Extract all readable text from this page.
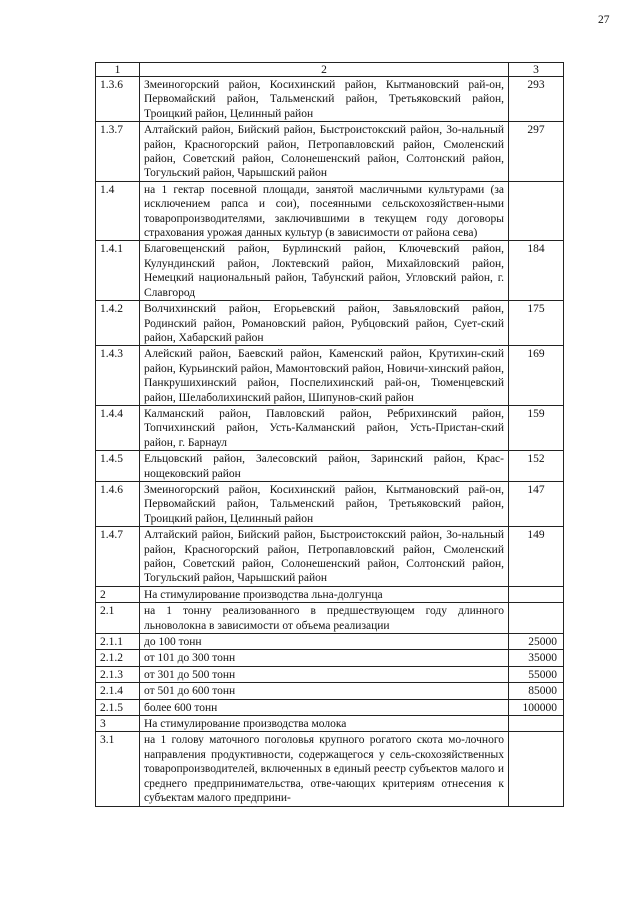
27
1	2	3
1.3.6	Змеиногорский район, Косихинский район, Кытмановский рай-он, Первомайский район, Тальменский район, Третьяковский район, Троицкий район, Целинный район	293
1.3.7	Алтайский район, Бийский район, Быстроистокский район, Зо-нальный район, Красногорский район, Петропавловский район, Смоленский район, Советский район, Солонешенский район, Солтонский район, Тогульский район, Чарышский район	297
1.4	на 1 гектар посевной площади, занятой масличными культурами (за исключением рапса и сои), посеянными сельскохозяйствен-ными товаропроизводителями, заключившими в текущем году договоры страхования урожая данных культур (в зависимости от района сева)	
1.4.1	Благовещенский район, Бурлинский район, Ключевский район, Кулундинский район, Локтевский район, Михайловский район, Немецкий национальный район, Табунский район, Угловский район, г. Славгород	184
1.4.2	Волчихинский район, Егорьевский район, Завьяловский район, Родинский район, Романовский район, Рубцовский район, Сует-ский район, Хабарский район	175
1.4.3	Алейский район, Баевский район, Каменский район, Крутихин-ский район, Курьинский район, Мамонтовский район, Новичи-хинский район, Панкрушихинский район, Поспелихинский рай-он, Тюменцевский район, Шелаболихинский район, Шипунов-ский район	169
1.4.4	Калманский район, Павловский район, Ребрихинский район, Топчихинский район, Усть-Калманский район, Усть-Пристан-ский район, г. Барнаул	159
1.4.5	Ельцовский район, Залесовский район, Заринский район, Крас-нощековский район	152
1.4.6	Змеиногорский район, Косихинский район, Кытмановский рай-он, Первомайский район, Тальменский район, Третьяковский район, Троицкий район, Целинный район	147
1.4.7	Алтайский район, Бийский район, Быстроистокский район, Зо-нальный район, Красногорский район, Петропавловский район, Смоленский район, Советский район, Солонешенский район, Солтонский район, Тогульский район, Чарышский район	149
2	На стимулирование производства льна-долгунца	
2.1	на 1 тонну реализованного в предшествующем году длинного льноволокна в зависимости от объема реализации	
2.1.1	до 100 тонн	25000
2.1.2	от 101 до 300 тонн	35000
2.1.3	от 301 до 500 тонн	55000
2.1.4	от 501 до 600 тонн	85000
2.1.5	более 600 тонн	100000
3	На стимулирование производства молока	
3.1	на 1 голову маточного поголовья крупного рогатого скота мо-лочного направления продуктивности, содержащегося у сель-скохозяйственных товаропроизводителей, включенных в единый реестр субъектов малого и среднего предпринимательства, отве-чающих критериям отнесения к субъектам малого предприни-	
